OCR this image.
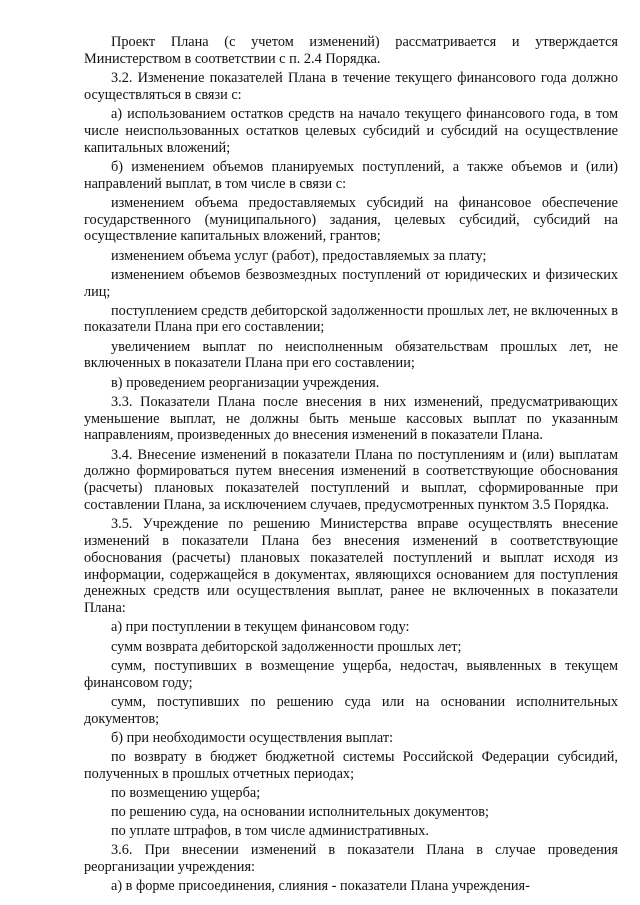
Проект Плана (с учетом изменений) рассматривается и утверждается Министерством в соответствии с п. 2.4 Порядка.

3.2. Изменение показателей Плана в течение текущего финансового года должно осуществляться в связи с:

а) использованием остатков средств на начало текущего финансового года, в том числе неиспользованных остатков целевых субсидий и субсидий на осуществление капитальных вложений;

б) изменением объемов планируемых поступлений, а также объемов и (или) направлений выплат, в том числе в связи с:

изменением объема предоставляемых субсидий на финансовое обеспечение государственного (муниципального) задания, целевых субсидий, субсидий на осуществление капитальных вложений, грантов;

изменением объема услуг (работ), предоставляемых за плату;

изменением объемов безвозмездных поступлений от юридических и физических лиц;

поступлением средств дебиторской задолженности прошлых лет, не включенных в показатели Плана при его составлении;

увеличением выплат по неисполненным обязательствам прошлых лет, не включенных в показатели Плана при его составлении;

в) проведением реорганизации учреждения.

3.3. Показатели Плана после внесения в них изменений, предусматривающих уменьшение выплат, не должны быть меньше кассовых выплат по указанным направлениям, произведенных до внесения изменений в показатели Плана.

3.4. Внесение изменений в показатели Плана по поступлениям и (или) выплатам должно формироваться путем внесения изменений в соответствующие обоснования (расчеты) плановых показателей поступлений и выплат, сформированные при составлении Плана, за исключением случаев, предусмотренных пунктом 3.5 Порядка.

3.5. Учреждение по решению Министерства вправе осуществлять внесение изменений в показатели Плана без внесения изменений в соответствующие обоснования (расчеты) плановых показателей поступлений и выплат исходя из информации, содержащейся в документах, являющихся основанием для поступления денежных средств или осуществления выплат, ранее не включенных в показатели Плана:

а) при поступлении в текущем финансовом году:

сумм возврата дебиторской задолженности прошлых лет;

сумм, поступивших в возмещение ущерба, недостач, выявленных в текущем финансовом году;

сумм, поступивших по решению суда или на основании исполнительных документов;

б) при необходимости осуществления выплат:

по возврату в бюджет бюджетной системы Российской Федерации субсидий, полученных в прошлых отчетных периодах;

по возмещению ущерба;

по решению суда, на основании исполнительных документов;

по уплате штрафов, в том числе административных.

3.6. При внесении изменений в показатели Плана в случае проведения реорганизации учреждения:

а) в форме присоединения, слияния - показатели Плана учреждения-
